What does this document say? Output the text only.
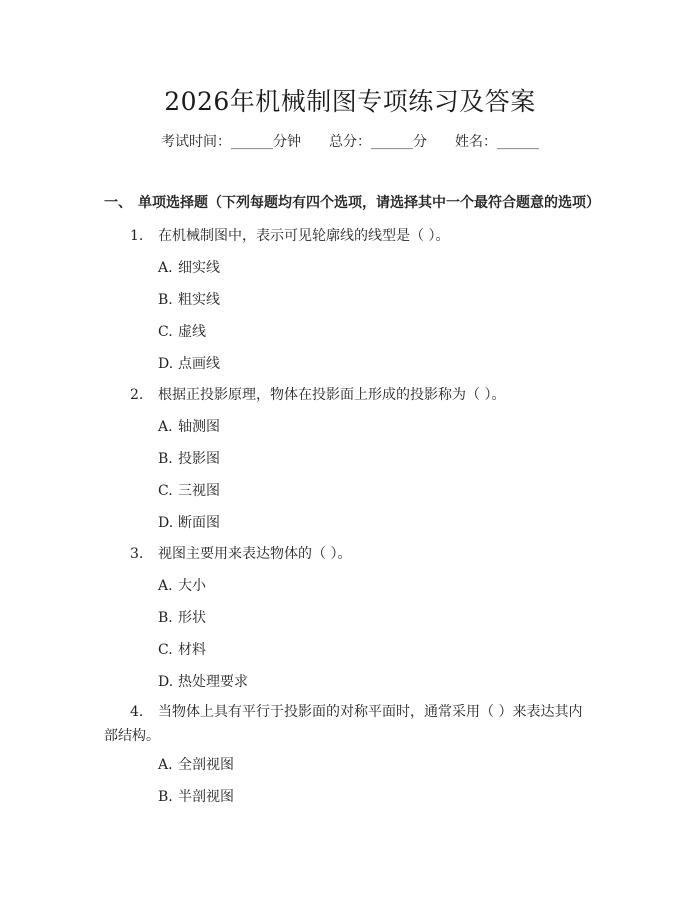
2026年机械制图专项练习及答案
考试时间：______分钟 总分：______分 姓名：______
一、 单项选择题（下列每题均有四个选项，请选择其中一个最符合题意的选项）
1. 在机械制图中，表示可见轮廓线的线型是（ ）。
A. 细实线
B. 粗实线
C. 虚线
D. 点画线
2. 根据正投影原理，物体在投影面上形成的投影称为（ ）。
A. 轴测图
B. 投影图
C. 三视图
D. 断面图
3. 视图主要用来表达物体的（ ）。
A. 大小
B. 形状
C. 材料
D. 热处理要求
4. 当物体上具有平行于投影面的对称平面时，通常采用（ ）来表达其内部结构。
A. 全剖视图
B. 半剖视图
